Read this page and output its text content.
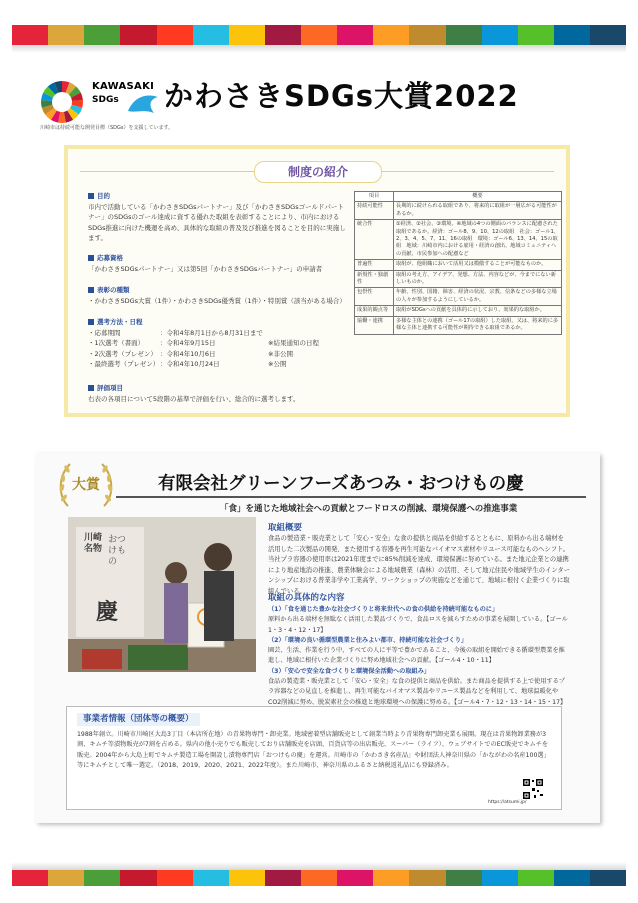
KAWASAKI
SDGs
川崎市は持続可能な開発目標（SDGs）を支援しています。
かわさきSDGs大賞2022
制度の紹介
目的
市内で活動している「かわさきSDGsパートナー」及び「かわさきSDGsゴールドパートナー」のSDGsのゴール達成に資する優れた取組を表彰することにより、市内におけるSDGs推進に向けた機運を高め、具体的な取組の普及及び推進を図ることを目的に実施します。
応募資格
「かわさきSDGsパートナー」又は第5回「かわさきSDGsパートナー」の申請者
表彰の種類
・かわさきSDGs大賞（1件）・かわさきSDGs優秀賞（1件）・特別賞（該当がある場合）
選考方法・日程
・応募期間	：令和4年8月1日から8月31日まで
・1次選考（書面）	：令和4年9月15日	※結果通知の日程
・2次選考（プレゼン） ：令和4年10月6日	※非公開
・最終選考（プレゼン） ：令和4年10月24日	※公開
評価項目
右表の各項目について5段階の基準で評価を行い、総合的に選考します。
項目	概要
持続可能性	長期的に続けられる取組であり、将来的に取組が一層広がる可能性があるか。
統合性	①経済、②社会、③環境、④地域の4つの側面のバランスに配慮された取組であるか。経済：ゴール8、9、10、12の取組　社会：ゴール1、2、3、4、5、7、11、16の取組　環境：ゴール6、13、14、15の取組　地域：川崎市内における雇用・経済の創出、地域コミュニティへの貢献、市民参加への配慮など
普遍性	取組が、他組織において活用又は模倣することが可能なものか。
新規性・独創性	取組の考え方、アイデア、発想、方法、内容などが、今までにない新しいものか。
包摂性	年齢、性別、国籍、障害、経済の状況、宗教、信条などの多様な立場の人々が参加するようにしているか。
成果的観点等	取組がSDGsへの貢献を具体的に示しており、効果的な取組か。
協働・連携	多様な主体との連携（ゴール17の取組）した取組、又は、将来的に多様な主体と連携する可能性が期待できる取組であるか。
大賞	有限会社グリーンフーズあつみ・おつけもの慶
「食」を通じた地域社会への貢献とフードロスの削減、環境保護への推進事業
川崎名物
おつけもの
慶
取組概要
食品の製造業・販売業として「安心・安全」な食の提供と商品を供給するとともに、原料から出る端材を活用した二次製品の開発、また使用する容器を再生可能なバイオマス素材やリユース可能なものへシフト。当社プラ容器の使用率は2021年度までに85%削減を達成、環境保護に努めている。また地元企業との連携により地産地消の推進、農業体験会による地域農業（森林）の活用、そして地元住民や地域学生のインターンシップにおける普業非学や工業高学、ワークショップの実施などを通じて、地域に根付く企業づくりに取組んでいる。
取組の具体的な内容
（1）「食を通じた豊かな社会づくりと将来世代への食の供給を持続可能なものに」
原料から出る端材を無駄なく活用した製品づくりで、食品ロスを減らすための事業を展開している。【ゴール1・3・4・12・17】
（2）「環境の良い循環型農業と住みよい都市、持続可能な社会づくり」
園芸、生活、作業を行う中、すべての人に平等で豊かであること、今後の取組を開始できる循環型農業を推進し、地域に根付いた企業づくりに努め地域社会への貢献。【ゴール4・10・11】
（3）「安心で安全な食づくりと環境保全活動への取組み」
食品の製造業・販売業として「安心・安全」な食の提供と商品を供給。また商品を提供する上で使用するプラ容器などの見直しを推進し、再生可能なバイオマス製品やリユース製品などを利用して、地球温暖化やCO2削減に努め、脱炭素社会の推進と地球環境への保護に努める。【ゴール4・7・12・13・14・15・17】
事業者情報（団体等の概要）
1988年創立。川崎市川崎区大島3丁目（本店所在地）の青果物専門・卸売業。地域密着型店舗販売として創業当時より青果物専門卸売業も展開。現在は青果物卸業務が3割、キムチ等漬物販売が7割を占める。県内の他小売りでも販売しており店舗販売を店頭、百貨店等の出店販売、スーパー（ライフ）、ウェブサイトでのEC販売でキムチを販売。2004年から大島上町でキムチ製造工場を開設し漬物専門店「おつけもの慶」を運営。川崎市の「かわさき名産品」や財団法人神奈川県の「かながわの名産100選」等にキムチとして唯一選定。（2018、2019、2020、2021、2022年度）。また川崎市、神奈川県のふるさと納税返礼品にも登録済み。
https://atsumi.jp/
